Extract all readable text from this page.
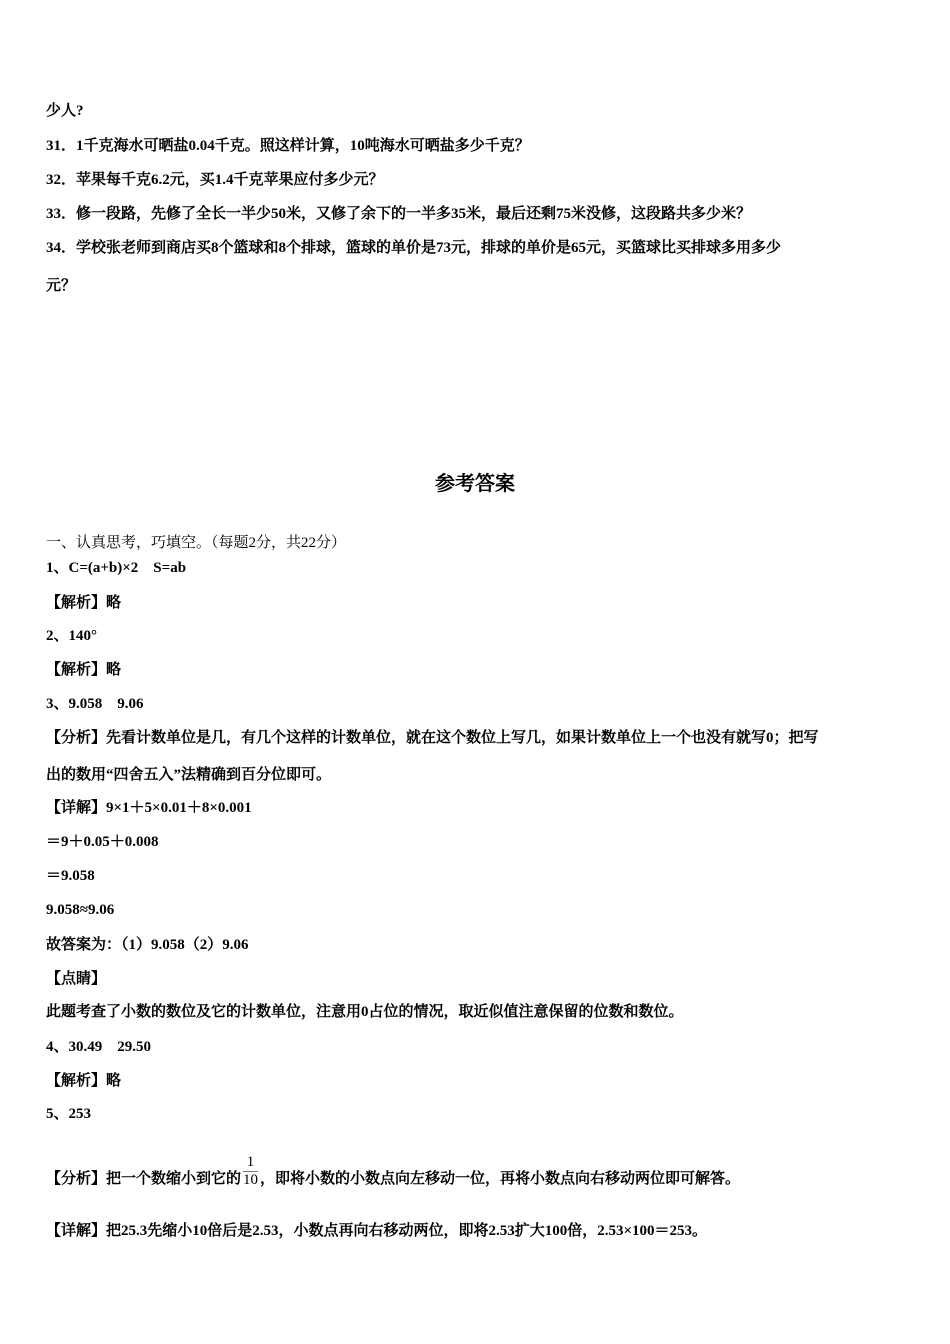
少人?
31．1千克海水可晒盐0.04千克。照这样计算，10吨海水可晒盐多少千克？
32．苹果每千克6.2元，买1.4千克苹果应付多少元？
33．修一段路，先修了全长一半少50米，又修了余下的一半多35米，最后还剩75米没修，这段路共多少米？
34．学校张老师到商店买8个篮球和8个排球，篮球的单价是73元，排球的单价是65元，买篮球比买排球多用多少
元？
参考答案
一、认真思考，巧填空。（每题2分，共22分）
1、C=(a+b)×2　S=ab
【解析】略
2、140°
【解析】略
3、9.058　9.06
【分析】先看计数单位是几，有几个这样的计数单位，就在这个数位上写几，如果计数单位上一个也没有就写0；把写
出的数用“四舍五入”法精确到百分位即可。
【详解】9×1＋5×0.01＋8×0.001
＝9＋0.05＋0.008
＝9.058
9.058≈9.06
故答案为：（1）9.058（2）9.06
【点睛】
此题考查了小数的数位及它的计数单位，注意用0占位的情况，取近似值注意保留的位数和数位。
4、30.49　29.50
【解析】略
5、253
【分析】把一个数缩小到它的 $\frac{1}{10}$ ，即将小数的小数点向左移动一位，再将小数点向右移动两位即可解答。
【详解】把25.3先缩小10倍后是2.53，小数点再向右移动两位，即将2.53扩大100倍，2.53×100＝253。
